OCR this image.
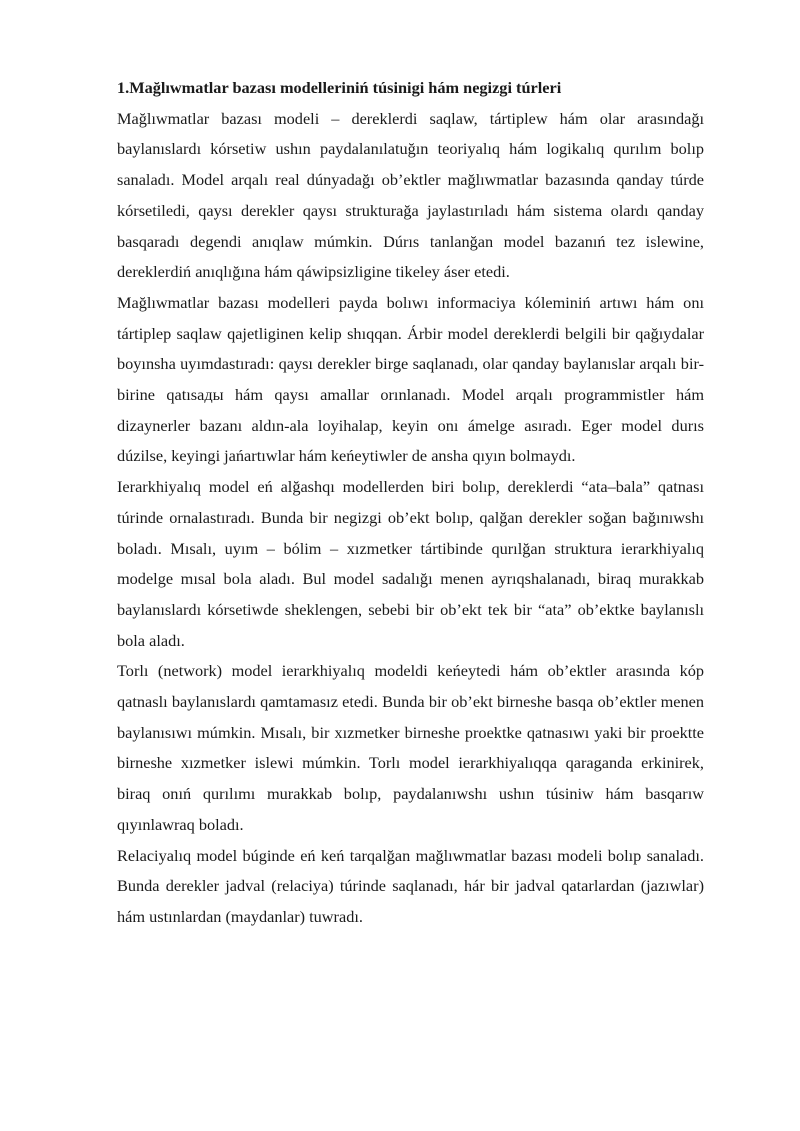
1.Mağlıwmatlar bazası modelleriniń túsinigi hám negizgi túrleri

Mağlıwmatlar bazası modeli – dereklerdi saqlaw, tártiplew hám olar arasındağı baylanıslardı kórsetiw ushın paydalanılatuğın teoriyalıq hám logikalıq qurılım bolıp sanaladı. Model arqalı real dúnyadağı ob’ektler mağlıwmatlar bazasında qanday túrde kórsetiledi, qaysı derekler qaysı strukturağa jaylastırıladı hám sistema olardı qanday basqaradı degendi anıqlaw múmkin. Dúrıs tanlanğan model bazanıń tez islewine, dereklerdiń anıqlığına hám qáwipsizligine tikeley áser etedi.

Mağlıwmatlar bazası modelleri payda bolıwı informaciya kóleminiń artıwı hám onı tártiplep saqlaw qajetliginen kelip shıqqan. Árbir model dereklerdi belgili bir qağıydalar boyınsha uyımdastıradı: qaysı derekler birge saqlanadı, olar qanday baylanıslar arqalı bir-birine qatısады hám qaysı amallar orınlanadı. Model arqalı programmistler hám dizaynerler bazanı aldın-ala loyihalap, keyin onı ámelge asıradı. Eger model durıs dúzilse, keyingi jańartıwlar hám keńeytiwler de ansha qıyın bolmaydı.

Ierarkhiyalıq model eń alğashqı modellerden biri bolıp, dereklerdi “ata–bala” qatnası túrinde ornalastıradı. Bunda bir negizgi ob’ekt bolıp, qalğan derekler soğan bağınıwshı boladı. Mısalı, uyım – bólim – xızmetker tártibinde qurılğan struktura ierarkhiyalıq modelge mısal bola aladı. Bul model sadalığı menen ayrıqshalanadı, biraq murakkab baylanıslardı kórsetiwde sheklengen, sebebi bir ob’ekt tek bir “ata” ob’ektke baylanıslı bola aladı.

Torlı (network) model ierarkhiyalıq modeldi keńeytedi hám ob’ektler arasında kóp qatnaslı baylanıslardı qamtamasız etedi. Bunda bir ob’ekt birneshe basqa ob’ektler menen baylanısıwı múmkin. Mısalı, bir xızmetker birneshe proektke qatnasıwı yaki bir proektte birneshe xızmetker islewi múmkin. Torlı model ierarkhiyalıqqa qaraganda erkinirek, biraq onıń qurılımı murakkab bolıp, paydalanıwshı ushın túsiniw hám basqarıw qıyınlawraq boladı.

Relaciyalıq model búginde eń keń tarqalğan mağlıwmatlar bazası modeli bolıp sanaladı. Bunda derekler jadval (relaciya) túrinde saqlanadı, hár bir jadval qatarlardan (jazıwlar) hám ustınlardan (maydanlar) tuwradı.
